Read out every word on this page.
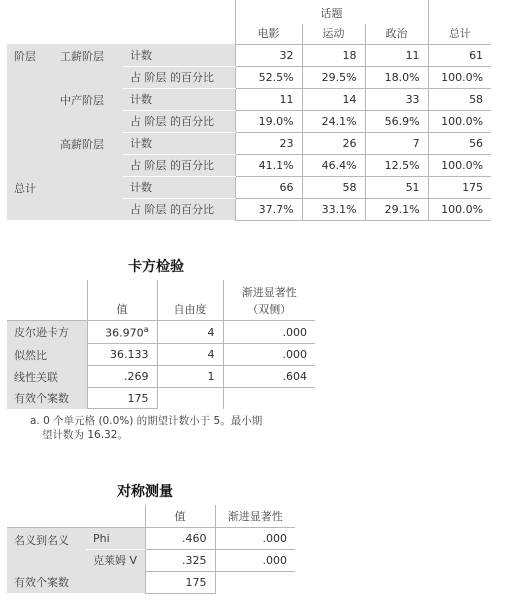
			话题			
			电影	运动	政治	总计
阶层	工薪阶层	计数	32	18	11	61
		占 阶层 的百分比	52.5%	29.5%	18.0%	100.0%
	中产阶层	计数	11	14	33	58
		占 阶层 的百分比	19.0%	24.1%	56.9%	100.0%
	高薪阶层	计数	23	26	7	56
		占 阶层 的百分比	41.1%	46.4%	12.5%	100.0%
总计		计数	66	58	51	175
		占 阶层 的百分比	37.7%	33.1%	29.1%	100.0%
卡方检验
	值	自由度	渐进显著性
			（双侧）
皮尔逊卡方	36.970$^a$	4	.000
似然比	36.133	4	.000
线性关联	.269	1	.604
有效个案数	175		
a. 0 个单元格 (0.0%) 的期望计数小于 5。最小期
望计数为 16.32。
对称测量
		值	渐进显著性
名义到名义	Phi	.460	.000
	克莱姆 V	.325	.000
有效个案数		175	
